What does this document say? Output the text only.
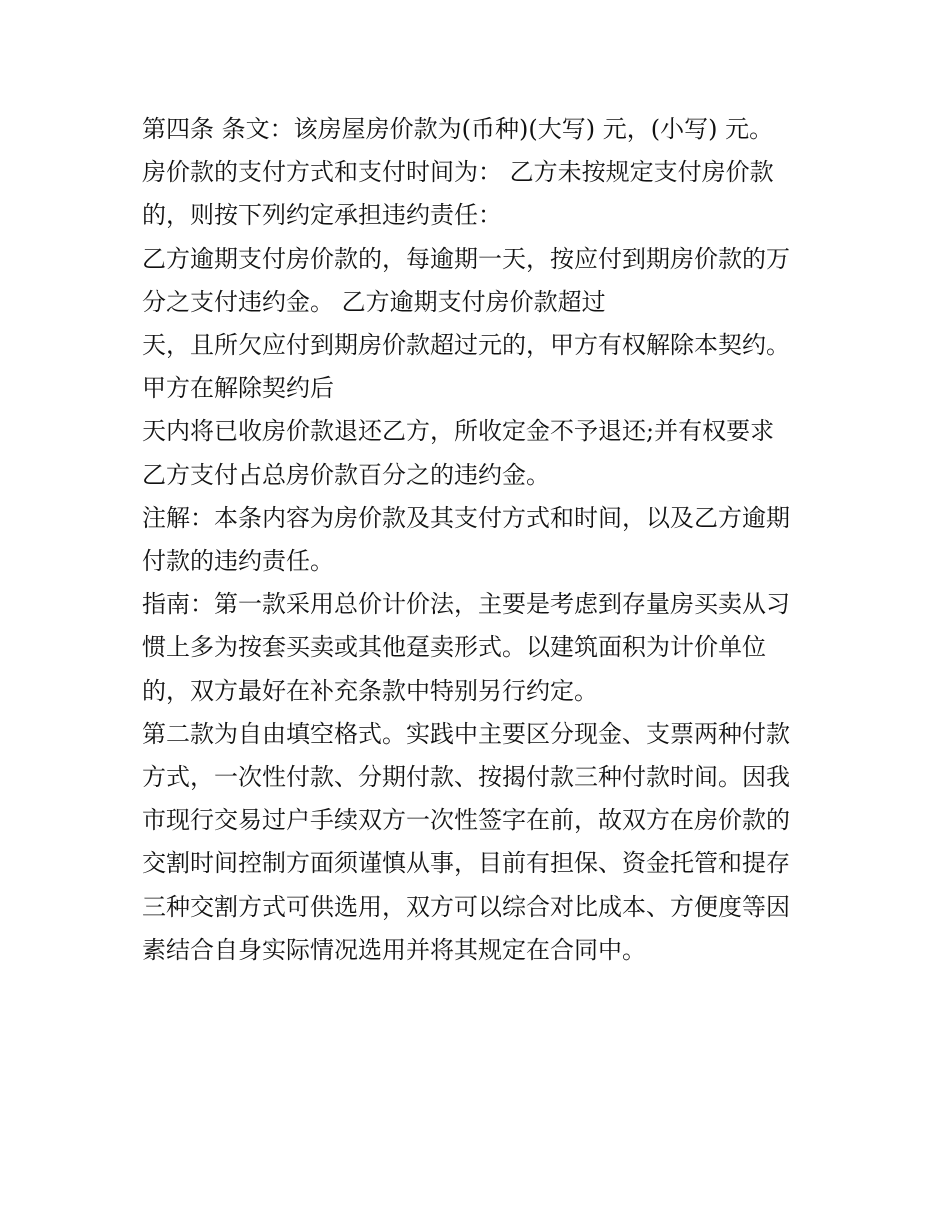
第四条 条文：该房屋房价款为(币种)(大写) 元，(小写) 元。
房价款的支付方式和支付时间为： 乙方未按规定支付房价款
的，则按下列约定承担违约责任：
乙方逾期支付房价款的，每逾期一天，按应付到期房价款的万
分之支付违约金。 乙方逾期支付房价款超过
天，且所欠应付到期房价款超过元的，甲方有权解除本契约。
甲方在解除契约后
天内将已收房价款退还乙方，所收定金不予退还;并有权要求
乙方支付占总房价款百分之的违约金。
注解：本条内容为房价款及其支付方式和时间，以及乙方逾期
付款的违约责任。
指南：第一款采用总价计价法，主要是考虑到存量房买卖从习
惯上多为按套买卖或其他趸卖形式。以建筑面积为计价单位
的，双方最好在补充条款中特别另行约定。
第二款为自由填空格式。实践中主要区分现金、支票两种付款
方式，一次性付款、分期付款、按揭付款三种付款时间。因我
市现行交易过户手续双方一次性签字在前，故双方在房价款的
交割时间控制方面须谨慎从事，目前有担保、资金托管和提存
三种交割方式可供选用，双方可以综合对比成本、方便度等因
素结合自身实际情况选用并将其规定在合同中。
